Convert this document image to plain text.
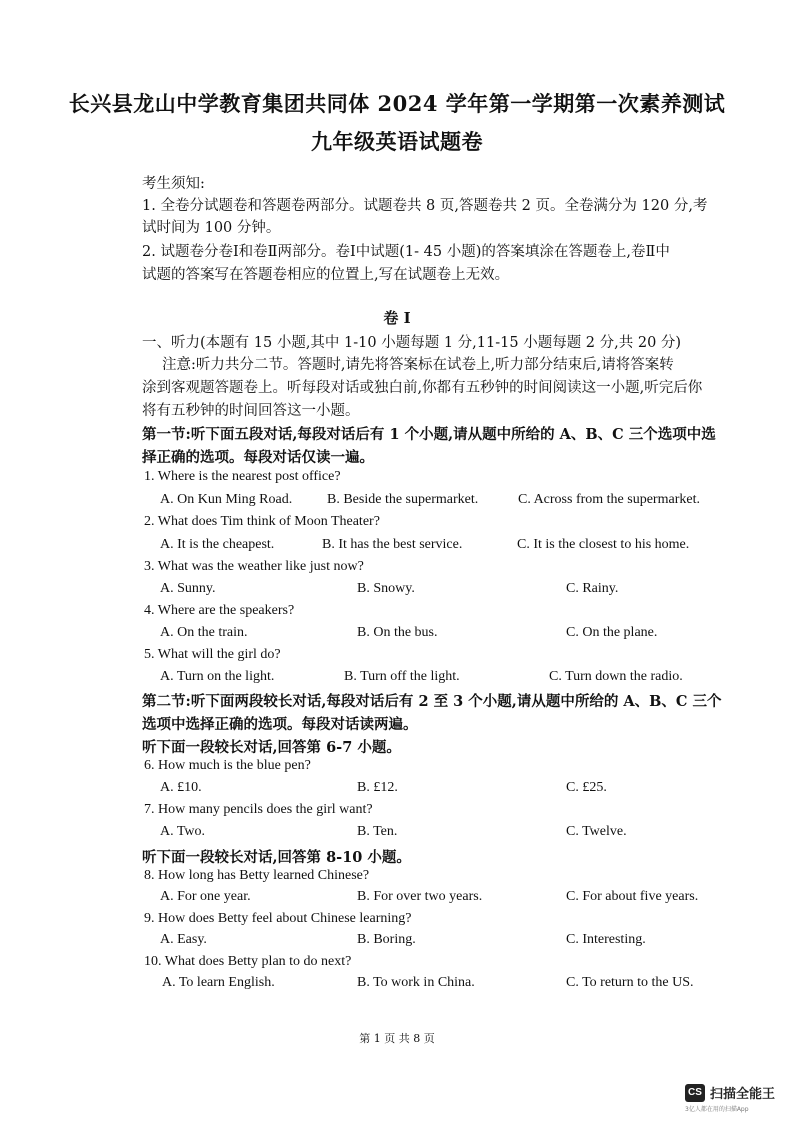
长兴县龙山中学教育集团共同体 2024 学年第一学期第一次素养测试
九年级英语试题卷
考生须知:
1. 全卷分试题卷和答题卷两部分。试题卷共 8 页,答题卷共 2 页。全卷满分为 120 分,考
试时间为 100 分钟。
2. 试题卷分卷Ⅰ和卷Ⅱ两部分。卷Ⅰ中试题(1- 45 小题)的答案填涂在答题卷上,卷Ⅱ中
试题的答案写在答题卷相应的位置上,写在试题卷上无效。
卷 Ⅰ
一、听力(本题有 15 小题,其中 1-10 小题每题 1 分,11-15 小题每题 2 分,共 20 分)
注意:听力共分二节。答题时,请先将答案标在试卷上,听力部分结束后,请将答案转
涂到客观题答题卷上。听每段对话或独白前,你都有五秒钟的时间阅读这一小题,听完后你
将有五秒钟的时间回答这一小题。
第一节:听下面五段对话,每段对话后有 1 个小题,请从题中所给的 A、B、C 三个选项中选
择正确的选项。每段对话仅读一遍。
1. Where is the nearest post office?
A. On Kun Ming Road. B. Beside the supermarket.	C. Across from the supermarket.
2. What does Tim think of Moon Theater?
A. It is the cheapest.	B. It has the best service.	C. It is the closest to his home.
3. What was the weather like just now?
A. Sunny.	B. Snowy.	C. Rainy.
4. Where are the speakers?
A. On the train.	B. On the bus.	C. On the plane.
5. What will the girl do?
A. Turn on the light.	B. Turn off the light.	C. Turn down the radio.
第二节:听下面两段较长对话,每段对话后有 2 至 3 个小题,请从题中所给的 A、B、C 三个
选项中选择正确的选项。每段对话读两遍。
听下面一段较长对话,回答第 6-7 小题。
6. How much is the blue pen?
A. £10.	B. £12.	C. £25.
7. How many pencils does the girl want?
A. Two.	B. Ten.	C. Twelve.
听下面一段较长对话,回答第 8-10 小题。
8. How long has Betty learned Chinese?
A. For one year.	B. For over two years.	C. For about five years.
9. How does Betty feel about Chinese learning?
A. Easy.	B. Boring.	C. Interesting.
10. What does Betty plan to do next?
A. To learn English.	B. To work in China.	C. To return to the US.
第 1 页 共 8 页
CS 扫描全能王
3亿人都在用的扫描App
